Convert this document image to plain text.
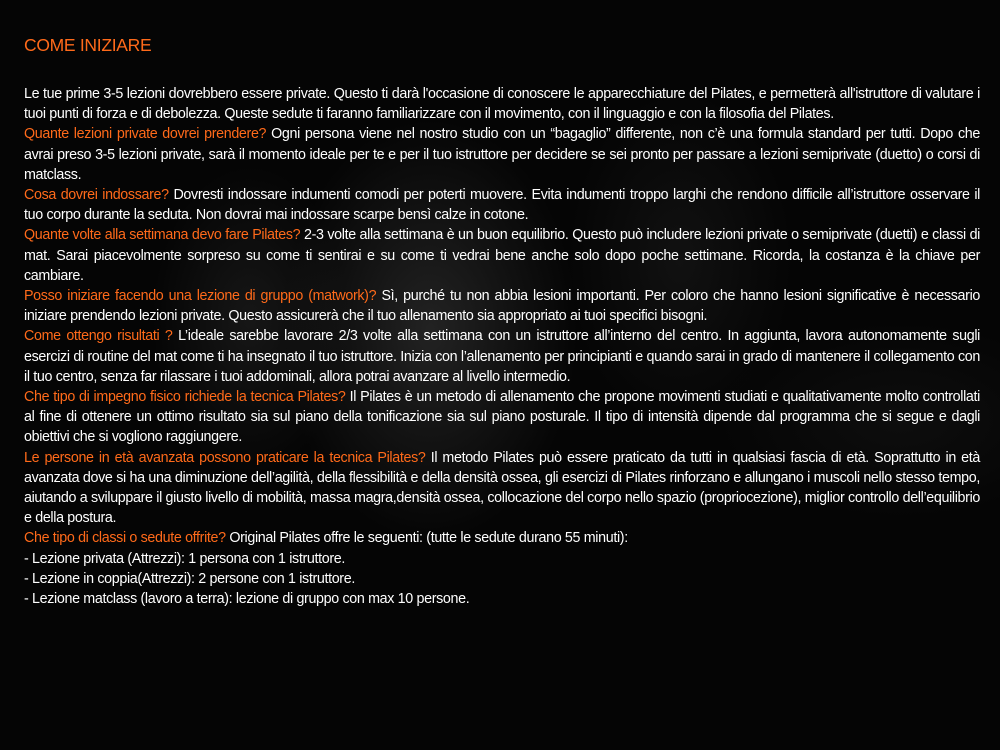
COME INIZIARE

Le tue prime 3-5 lezioni dovrebbero essere private. Questo ti darà l'occasione di conoscere le apparecchiature del Pilates, e permetterà all'istruttore di valutare i tuoi punti di forza e di debolezza. Queste sedute ti faranno familiarizzare con il movimento, con il linguaggio e con la filosofia del Pilates.

Quante lezioni private dovrei prendere? Ogni persona viene nel nostro studio con un “bagaglio” differente, non c’è una formula standard per tutti. Dopo che avrai preso 3-5 lezioni private, sarà il momento ideale per te e per il tuo istruttore per decidere se sei pronto per passare a lezioni semiprivate (duetto) o corsi di matclass.

Cosa dovrei indossare? Dovresti indossare indumenti comodi per poterti muovere. Evita indumenti troppo larghi che rendono difficile all’istruttore osservare il tuo corpo durante la seduta. Non dovrai mai indossare scarpe bensì calze in cotone.

Quante volte alla settimana devo fare Pilates? 2-3 volte alla settimana è un buon equilibrio. Questo può includere lezioni private o semiprivate (duetti) e classi di mat. Sarai piacevolmente sorpreso su come ti sentirai e su come ti vedrai bene anche solo dopo poche settimane. Ricorda, la costanza è la chiave per cambiare.

Posso iniziare facendo una lezione di gruppo (matwork)? Sì, purché tu non abbia lesioni importanti. Per coloro che hanno lesioni significative è necessario iniziare prendendo lezioni private. Questo assicurerà che il tuo allenamento sia appropriato ai tuoi specifici bisogni.

Come ottengo risultati ? L’ideale sarebbe lavorare 2/3 volte alla settimana con un istruttore all’interno del centro. In aggiunta, lavora autonomamente sugli esercizi di routine del mat come ti ha insegnato il tuo istruttore. Inizia con l’allenamento per principianti e quando sarai in grado di mantenere il collegamento con il tuo centro, senza far rilassare i tuoi addominali, allora potrai avanzare al livello intermedio.

Che tipo di impegno fisico richiede la tecnica Pilates? Il Pilates è un metodo di allenamento che propone movimenti studiati e qualitativamente molto controllati al fine di ottenere un ottimo risultato sia sul piano della tonificazione sia sul piano posturale. Il tipo di intensità dipende dal programma che si segue e dagli obiettivi che si vogliono raggiungere.

Le persone in età avanzata possono praticare la tecnica Pilates? Il metodo Pilates può essere praticato da tutti in qualsiasi fascia di età. Soprattutto in età avanzata dove si ha una diminuzione dell’agilità, della flessibilità e della densità ossea, gli esercizi di Pilates rinforzano e allungano i muscoli nello stesso tempo, aiutando a sviluppare il giusto livello di mobilità, massa magra,densità ossea, collocazione del corpo nello spazio (propriocezione), miglior controllo dell’equilibrio e della postura.

Che tipo di classi o sedute offrite? Original Pilates offre le seguenti: (tutte le sedute durano 55 minuti):

- Lezione privata (Attrezzi): 1 persona con 1 istruttore.
- Lezione in coppia(Attrezzi): 2 persone con 1 istruttore.
- Lezione matclass (lavoro a terra): lezione di gruppo con max 10 persone.
